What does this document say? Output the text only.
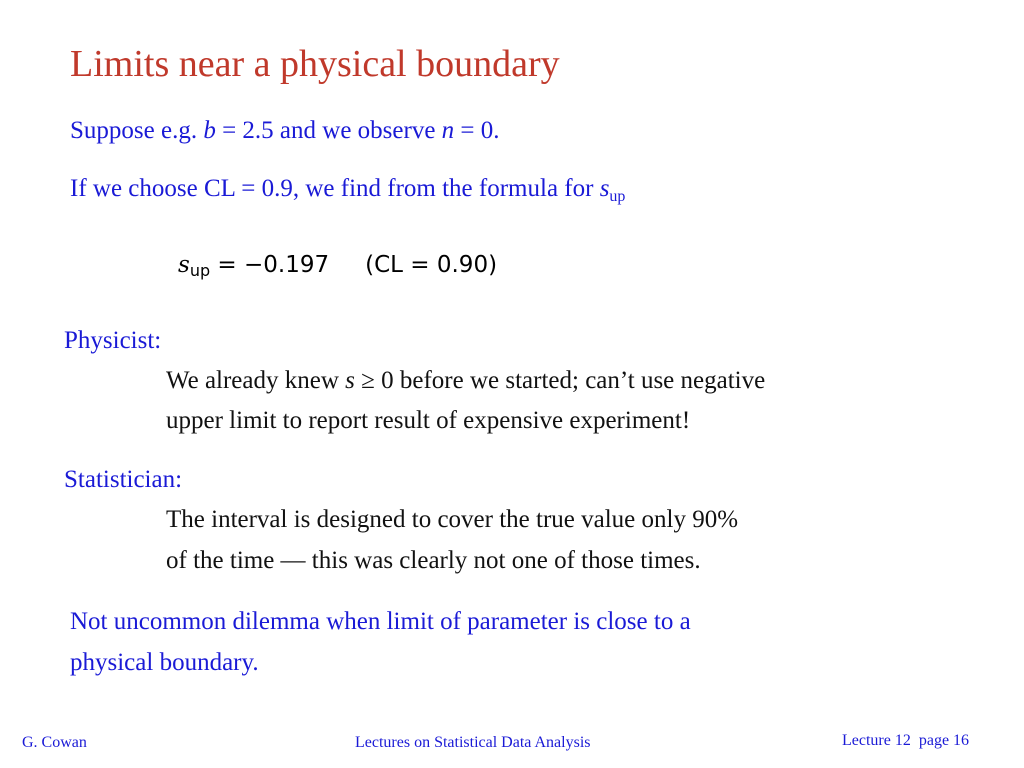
Limits near a physical boundary
Suppose e.g. b = 2.5 and we observe n = 0.
If we choose CL = 0.9, we find from the formula for $s_{up}$
$s_{up} = -0.197$ (CL = 0.90)
Physicist:
We already knew s ≥ 0 before we started; can’t use negative
upper limit to report result of expensive experiment!
Statistician:
The interval is designed to cover the true value only 90%
of the time — this was clearly not one of those times.
Not uncommon dilemma when limit of parameter is close to a
physical boundary.
G. Cowan	Lectures on Statistical Data Analysis	Lecture 12  page 16
